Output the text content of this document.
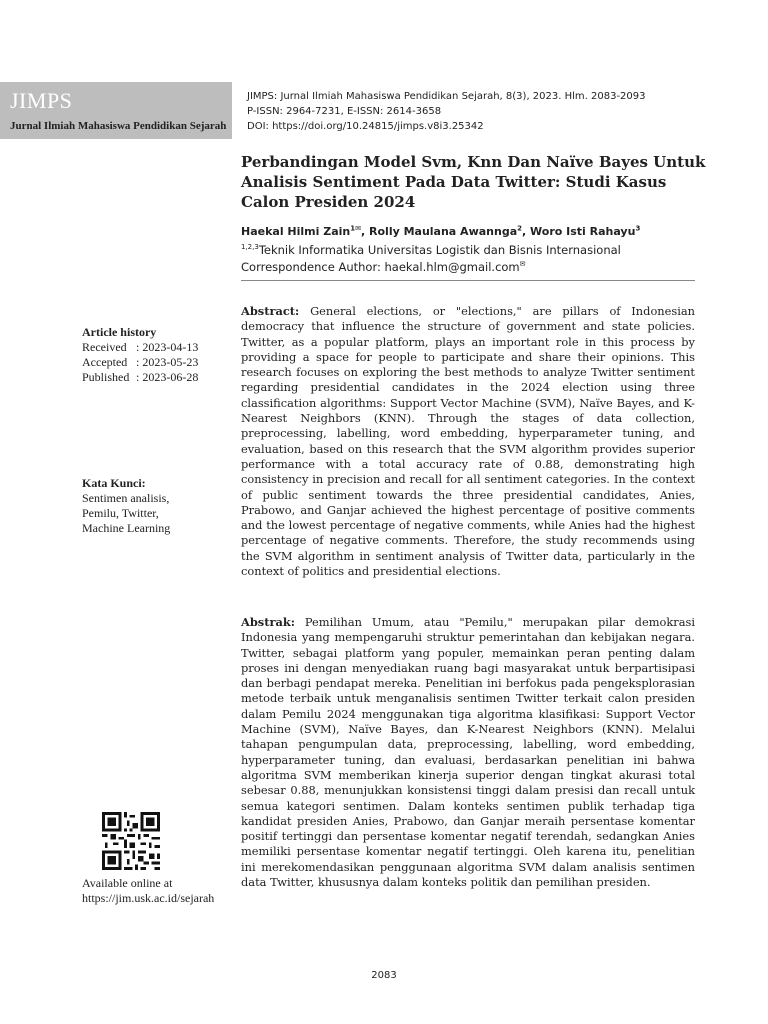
JIMPS
Jurnal Ilmiah Mahasiswa Pendidikan Sejarah
JIMPS: Jurnal Ilmiah Mahasiswa Pendidikan Sejarah, 8(3), 2023. Hlm. 2083-2093
P-ISSN: 2964-7231, E-ISSN: 2614-3658
DOI: https://doi.org/10.24815/jimps.v8i3.25342
Perbandingan Model Svm, Knn Dan Naïve Bayes Untuk Analisis Sentiment Pada Data Twitter: Studi Kasus Calon Presiden 2024
Haekal Hilmi Zain$^{1✉}$, Rolly Maulana Awannga$^2$, Woro Isti Rahayu$^3$
$^{1,2,3}$Teknik Informatika Universitas Logistik dan Bisnis Internasional
Correspondence Author: haekal.hlm@gmail.com✉
Article history
Received : 2023-04-13
Accepted : 2023-05-23
Published : 2023-06-28
Kata Kunci:
Sentimen analisis,
Pemilu, Twitter,
Machine Learning
Available online at
https://jim.usk.ac.id/sejarah
Abstract: General elections, or "elections," are pillars of Indonesian democracy that influence the structure of government and state policies. Twitter, as a popular platform, plays an important role in this process by providing a space for people to participate and share their opinions. This research focuses on exploring the best methods to analyze Twitter sentiment regarding presidential candidates in the 2024 election using three classification algorithms: Support Vector Machine (SVM), Naïve Bayes, and K-Nearest Neighbors (KNN). Through the stages of data collection, preprocessing, labelling, word embedding, hyperparameter tuning, and evaluation, based on this research that the SVM algorithm provides superior performance with a total accuracy rate of 0.88, demonstrating high consistency in precision and recall for all sentiment categories. In the context of public sentiment towards the three presidential candidates, Anies, Prabowo, and Ganjar achieved the highest percentage of positive comments and the lowest percentage of negative comments, while Anies had the highest percentage of negative comments. Therefore, the study recommends using the SVM algorithm in sentiment analysis of Twitter data, particularly in the context of politics and presidential elections.
Abstrak: Pemilihan Umum, atau "Pemilu," merupakan pilar demokrasi Indonesia yang mempengaruhi struktur pemerintahan dan kebijakan negara. Twitter, sebagai platform yang populer, memainkan peran penting dalam proses ini dengan menyediakan ruang bagi masyarakat untuk berpartisipasi dan berbagi pendapat mereka. Penelitian ini berfokus pada pengeksplorasian metode terbaik untuk menganalisis sentimen Twitter terkait calon presiden dalam Pemilu 2024 menggunakan tiga algoritma klasifikasi: Support Vector Machine (SVM), Naïve Bayes, dan K-Nearest Neighbors (KNN). Melalui tahapan pengumpulan data, preprocessing, labelling, word embedding, hyperparameter tuning, dan evaluasi, berdasarkan penelitian ini bahwa algoritma SVM memberikan kinerja superior dengan tingkat akurasi total sebesar 0.88, menunjukkan konsistensi tinggi dalam presisi dan recall untuk semua kategori sentimen. Dalam konteks sentimen publik terhadap tiga kandidat presiden Anies, Prabowo, dan Ganjar meraih persentase komentar positif tertinggi dan persentase komentar negatif terendah, sedangkan Anies memiliki persentase komentar negatif tertinggi. Oleh karena itu, penelitian ini merekomendasikan penggunaan algoritma SVM dalam analisis sentimen data Twitter, khususnya dalam konteks politik dan pemilihan presiden.
2083
